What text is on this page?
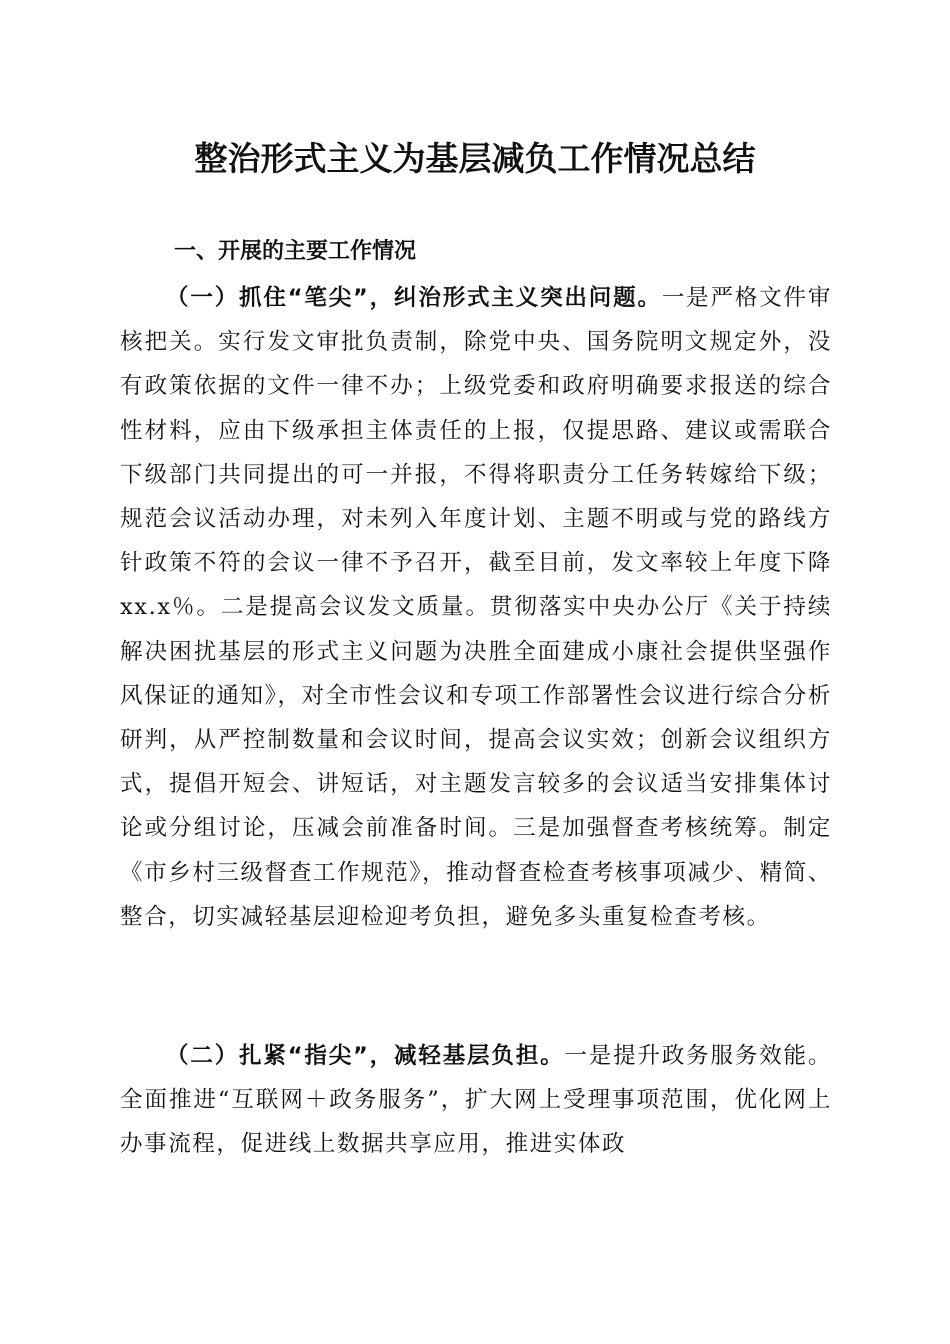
整治形式主义为基层减负工作情况总结
一、开展的主要工作情况

（一）抓住“笔尖”，纠治形式主义突出问题。一是严格文件审核把关。实行发文审批负责制，除党中央、国务院明文规定外，没有政策依据的文件一律不办；上级党委和政府明确要求报送的综合性材料，应由下级承担主体责任的上报，仅提思路、建议或需联合下级部门共同提出的可一并报，不得将职责分工任务转嫁给下级；规范会议活动办理，对未列入年度计划、主题不明或与党的路线方针政策不符的会议一律不予召开，截至目前，发文率较上年度下降xx.x％。二是提高会议发文质量。贯彻落实中央办公厅《关于持续解决困扰基层的形式主义问题为决胜全面建成小康社会提供坚强作风保证的通知》，对全市性会议和专项工作部署性会议进行综合分析研判，从严控制数量和会议时间，提高会议实效；创新会议组织方式，提倡开短会、讲短话，对主题发言较多的会议适当安排集体讨论或分组讨论，压减会前准备时间。三是加强督查考核统筹。制定《市乡村三级督查工作规范》，推动督查检查考核事项减少、精简、整合，切实减轻基层迎检迎考负担，避免多头重复检查考核。

（二）扎紧“指尖”，减轻基层负担。一是提升政务服务效能。全面推进“互联网＋政务服务”，扩大网上受理事项范围，优化网上办事流程，促进线上数据共享应用，推进实体政
